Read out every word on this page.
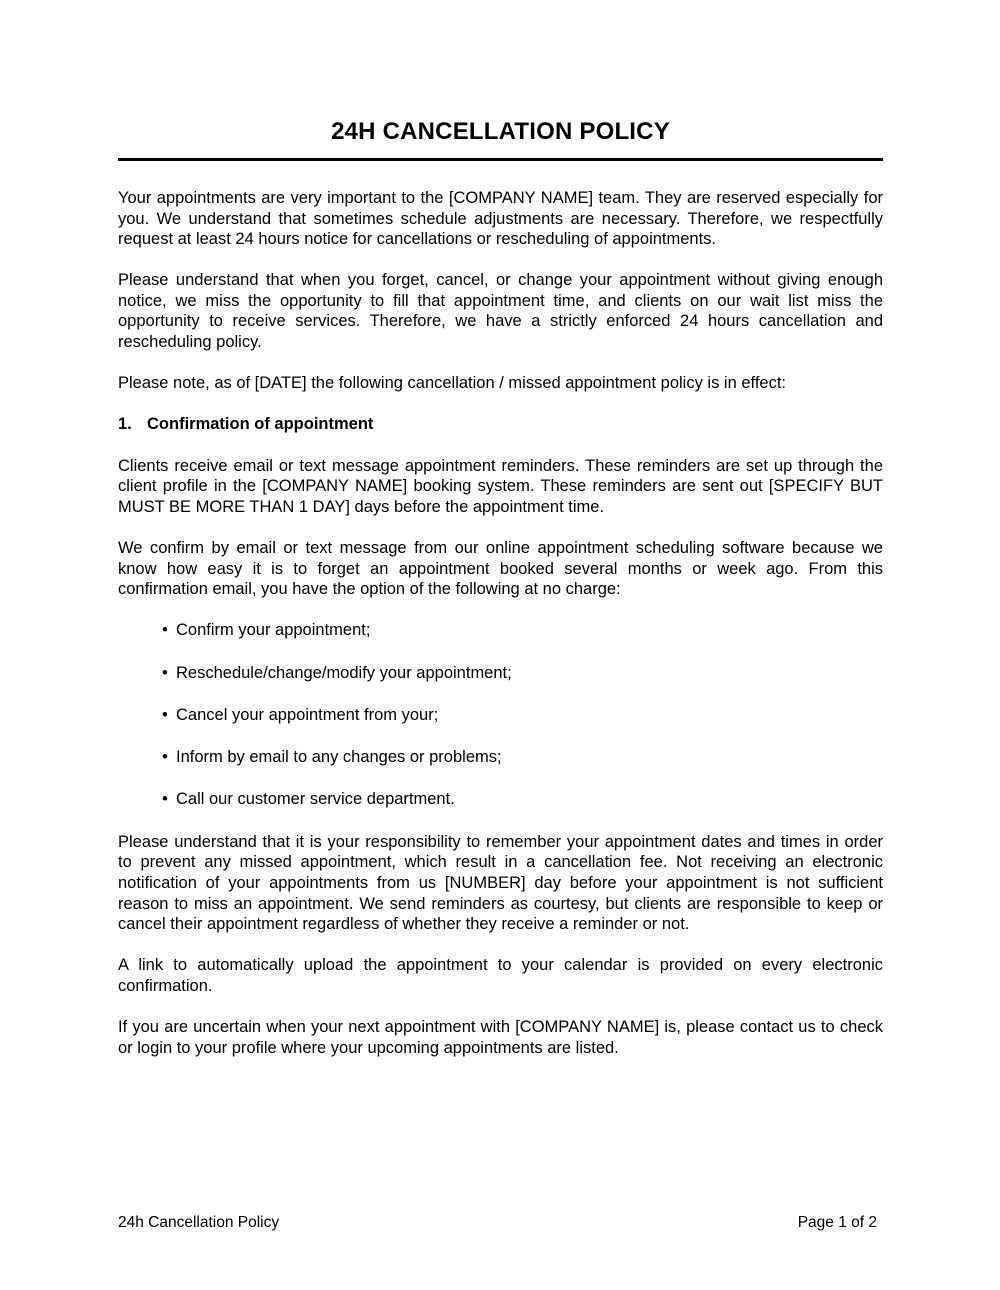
24H CANCELLATION POLICY

Your appointments are very important to the [COMPANY NAME] team. They are reserved especially for you. We understand that sometimes schedule adjustments are necessary. Therefore, we respectfully request at least 24 hours notice for cancellations or rescheduling of appointments.

Please understand that when you forget, cancel, or change your appointment without giving enough notice, we miss the opportunity to fill that appointment time, and clients on our wait list miss the opportunity to receive services. Therefore, we have a strictly enforced 24 hours cancellation and rescheduling policy.

Please note, as of [DATE] the following cancellation / missed appointment policy is in effect:

1. Confirmation of appointment

Clients receive email or text message appointment reminders. These reminders are set up through the client profile in the [COMPANY NAME] booking system. These reminders are sent out [SPECIFY BUT MUST BE MORE THAN 1 DAY] days before the appointment time.

We confirm by email or text message from our online appointment scheduling software because we know how easy it is to forget an appointment booked several months or week ago. From this confirmation email, you have the option of the following at no charge:

• Confirm your appointment;
• Reschedule/change/modify your appointment;
• Cancel your appointment from your;
• Inform by email to any changes or problems;
• Call our customer service department.

Please understand that it is your responsibility to remember your appointment dates and times in order to prevent any missed appointment, which result in a cancellation fee. Not receiving an electronic notification of your appointments from us [NUMBER] day before your appointment is not sufficient reason to miss an appointment. We send reminders as courtesy, but clients are responsible to keep or cancel their appointment regardless of whether they receive a reminder or not.

A link to automatically upload the appointment to your calendar is provided on every electronic confirmation.

If you are uncertain when your next appointment with [COMPANY NAME] is, please contact us to check or login to your profile where your upcoming appointments are listed.

24h Cancellation Policy	Page 1 of 2
